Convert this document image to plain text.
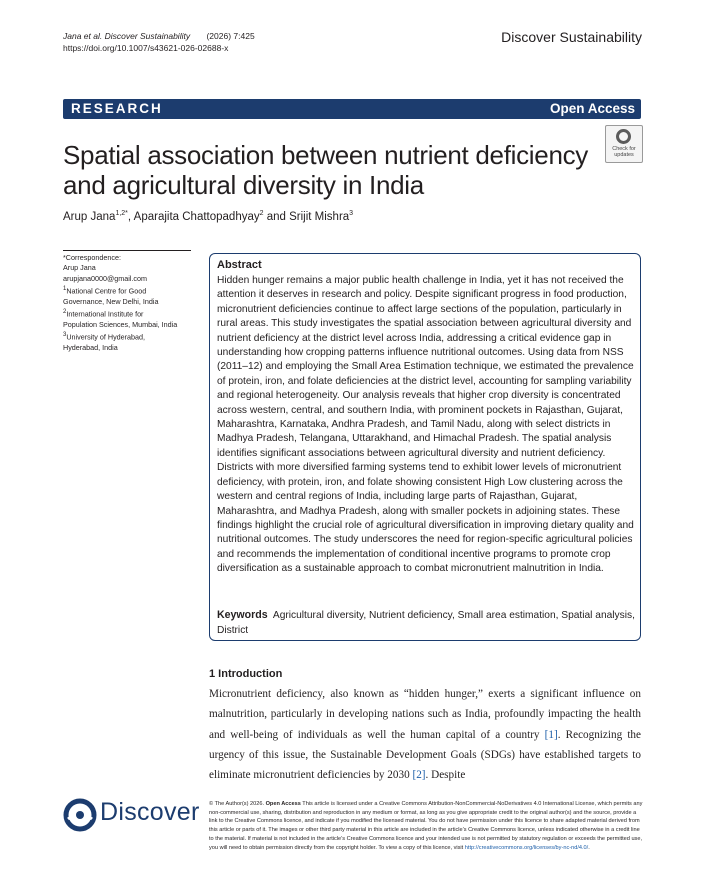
Jana et al. Discover Sustainability (2026) 7:425
https://doi.org/10.1007/s43621-026-02688-x
Discover Sustainability
RESEARCH	Open Access
Spatial association between nutrient deficiency and agricultural diversity in India
Check for updates
Arup Jana$^{1,2*}$, Aparajita Chattopadhyay$^2$ and Srijit Mishra$^3$
*Correspondence:
Arup Jana
arupjana0000@gmail.com
$^1$National Centre for Good
Governance, New Delhi, India
$^2$International Institute for
Population Sciences, Mumbai, India
$^3$University of Hyderabad,
Hyderabad, India
Abstract
Hidden hunger remains a major public health challenge in India, yet it has not received the attention it deserves in research and policy. Despite significant progress in food production, micronutrient deficiencies continue to affect large sections of the population, particularly in rural areas. This study investigates the spatial association between agricultural diversity and nutrient deficiency at the district level across India, addressing a critical evidence gap in understanding how cropping patterns influence nutritional outcomes. Using data from NSS (2011–12) and employing the Small Area Estimation technique, we estimated the prevalence of protein, iron, and folate deficiencies at the district level, accounting for sampling variability and regional heterogeneity. Our analysis reveals that higher crop diversity is concentrated across western, central, and southern India, with prominent pockets in Rajasthan, Gujarat, Maharashtra, Karnataka, Andhra Pradesh, and Tamil Nadu, along with select districts in Madhya Pradesh, Telangana, Uttarakhand, and Himachal Pradesh. The spatial analysis identifies significant associations between agricultural diversity and nutrient deficiency. Districts with more diversified farming systems tend to exhibit lower levels of micronutrient deficiency, with protein, iron, and folate showing consistent High Low clustering across the western and central regions of India, including large parts of Rajasthan, Gujarat, Maharashtra, and Madhya Pradesh, along with smaller pockets in adjoining states. These findings highlight the crucial role of agricultural diversification in improving dietary quality and nutritional outcomes. The study underscores the need for region-specific agricultural policies and recommends the implementation of conditional incentive programs to promote crop diversification as a sustainable approach to combat micronutrient malnutrition in India.
Keywords Agricultural diversity, Nutrient deficiency, Small area estimation, Spatial analysis, District
1 Introduction
Micronutrient deficiency, also known as “hidden hunger,” exerts a significant influence on malnutrition, particularly in developing nations such as India, profoundly impacting the health and well-being of individuals as well the human capital of a country [1]. Recognizing the urgency of this issue, the Sustainable Development Goals (SDGs) have established targets to eliminate micronutrient deficiencies by 2030 [2]. Despite
Discover © The Author(s) 2026. Open Access This article is licensed under a Creative Commons Attribution-NonCommercial-NoDerivatives 4.0 International License, which permits any non-commercial use, sharing, distribution and reproduction in any medium or format, as long as you give appropriate credit to the original author(s) and the source, provide a link to the Creative Commons licence, and indicate if you modified the licensed material. You do not have permission under this licence to share adapted material derived from this article or parts of it. The images or other third party material in this article are included in the article’s Creative Commons licence, unless indicated otherwise in a credit line to the material. If material is not included in the article’s Creative Commons licence and your intended use is not permitted by statutory regulation or exceeds the permitted use, you will need to obtain permission directly from the copyright holder. To view a copy of this licence, visit http://creativecommons.org/licenses/by-nc-nd/4.0/.
